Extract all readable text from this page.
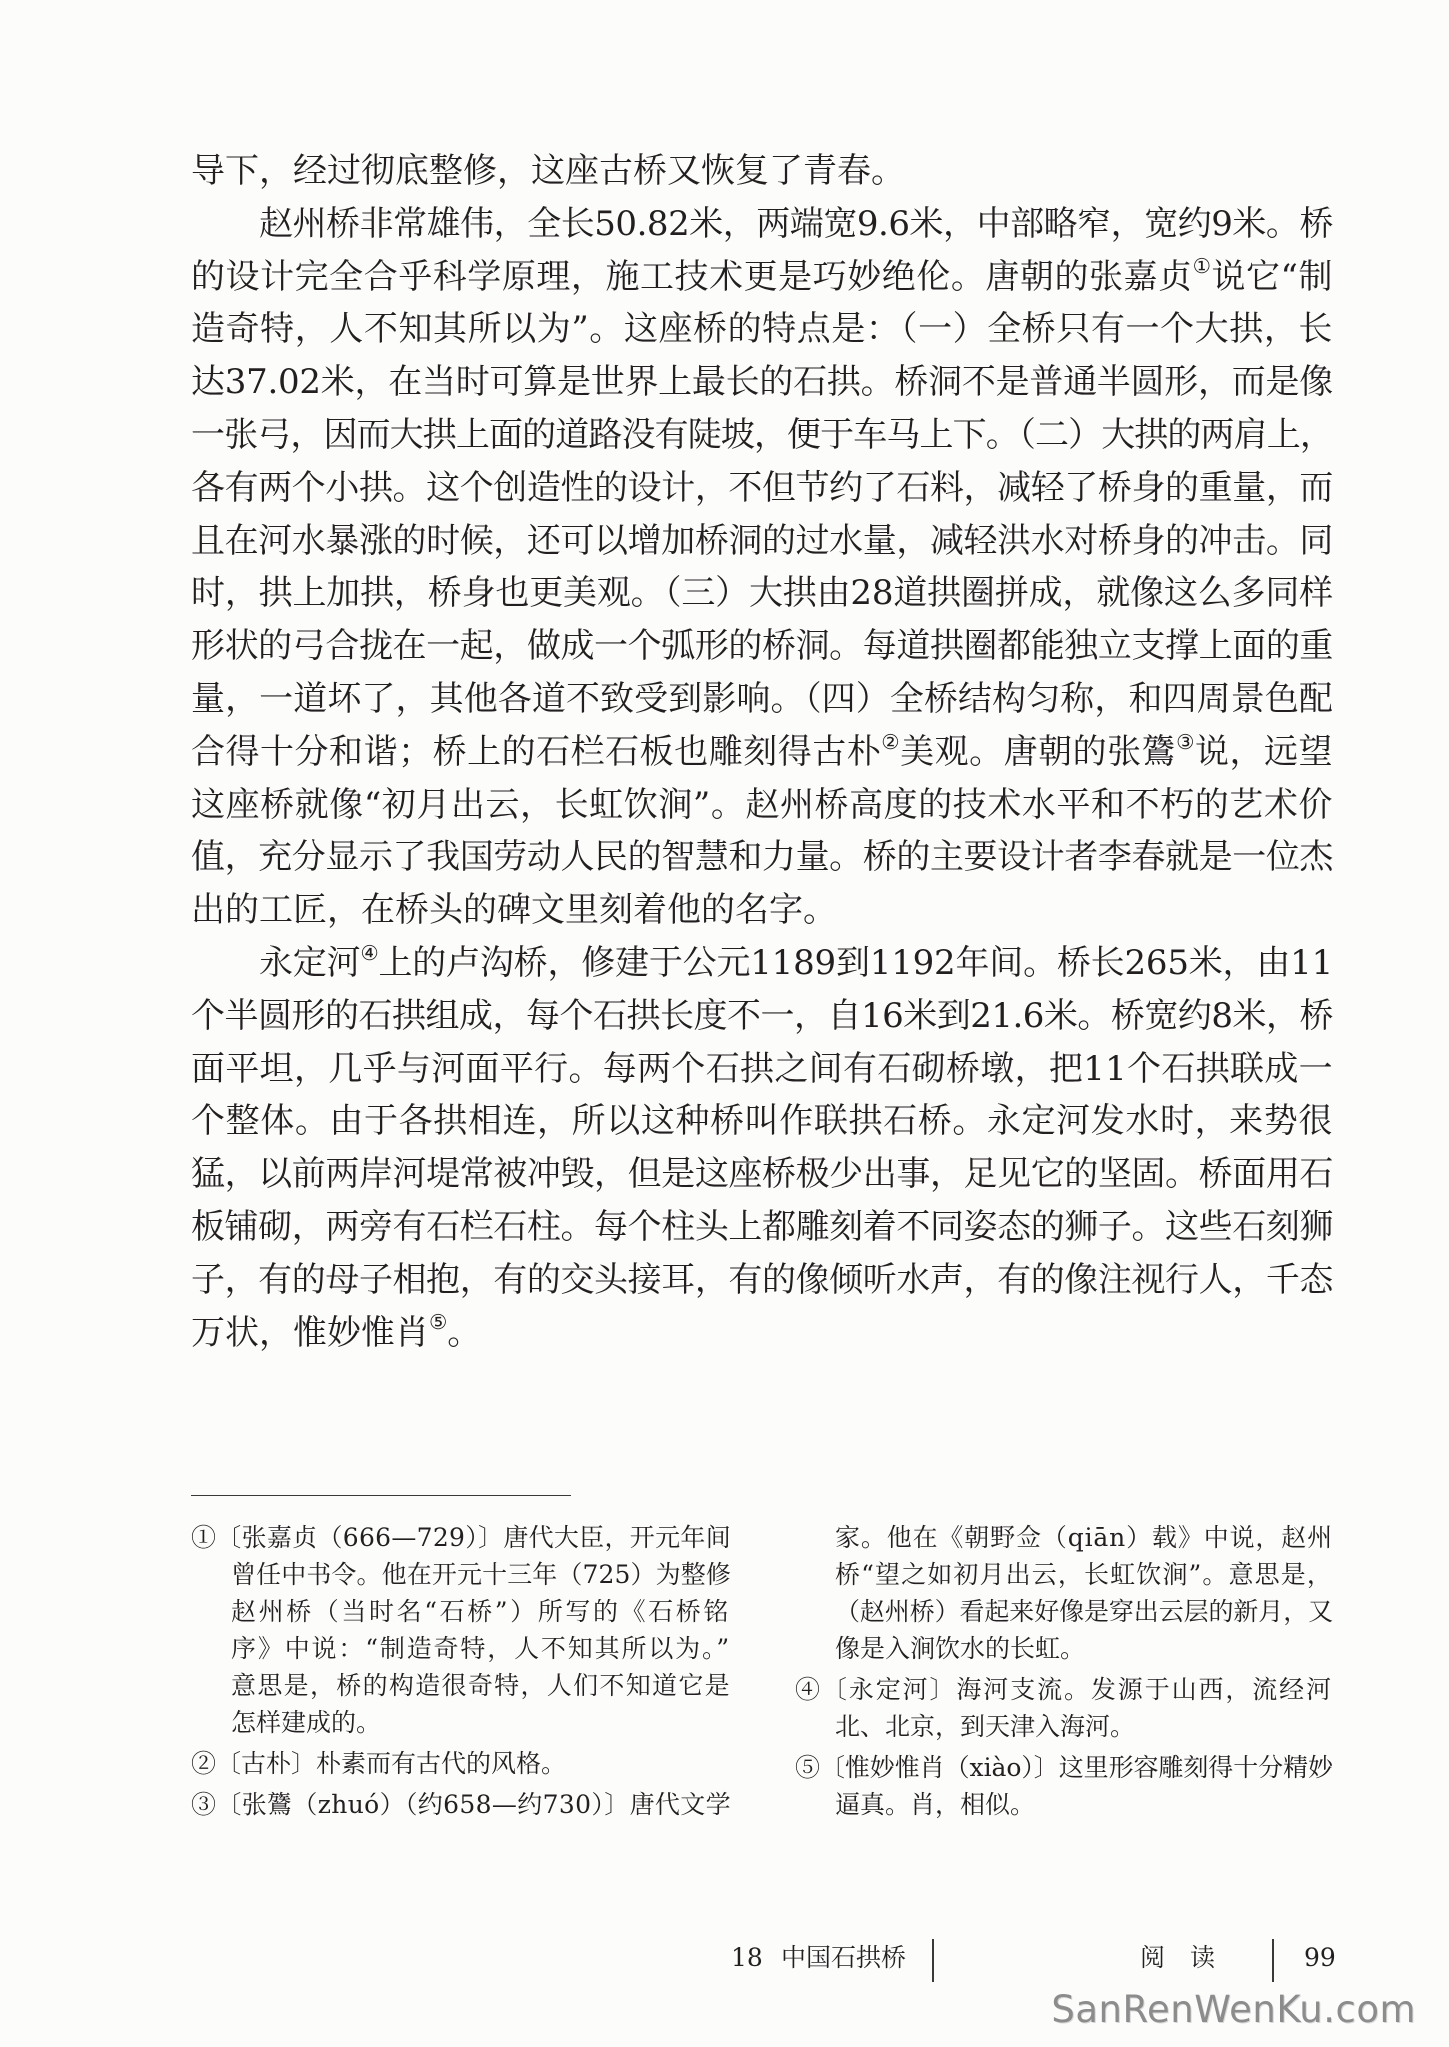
导下，经过彻底整修，这座古桥又恢复了青春。
赵州桥非常雄伟，全长50.82米，两端宽9.6米，中部略窄，宽约9米。桥
的设计完全合乎科学原理，施工技术更是巧妙绝伦。唐朝的张嘉贞①说它“制
造奇特，人不知其所以为”。这座桥的特点是：（一）全桥只有一个大拱，长
达37.02米，在当时可算是世界上最长的石拱。桥洞不是普通半圆形，而是像
一张弓，因而大拱上面的道路没有陡坡，便于车马上下。（二）大拱的两肩上，
各有两个小拱。这个创造性的设计，不但节约了石料，减轻了桥身的重量，而
且在河水暴涨的时候，还可以增加桥洞的过水量，减轻洪水对桥身的冲击。同
时，拱上加拱，桥身也更美观。（三）大拱由28道拱圈拼成，就像这么多同样
形状的弓合拢在一起，做成一个弧形的桥洞。每道拱圈都能独立支撑上面的重
量，一道坏了，其他各道不致受到影响。（四）全桥结构匀称，和四周景色配
合得十分和谐；桥上的石栏石板也雕刻得古朴②美观。唐朝的张鷟③说，远望
这座桥就像“初月出云，长虹饮涧”。赵州桥高度的技术水平和不朽的艺术价
值，充分显示了我国劳动人民的智慧和力量。桥的主要设计者李春就是一位杰
出的工匠，在桥头的碑文里刻着他的名字。
永定河④上的卢沟桥，修建于公元1189到1192年间。桥长265米，由11
个半圆形的石拱组成，每个石拱长度不一，自16米到21.6米。桥宽约8米，桥
面平坦，几乎与河面平行。每两个石拱之间有石砌桥墩，把11个石拱联成一
个整体。由于各拱相连，所以这种桥叫作联拱石桥。永定河发水时，来势很
猛，以前两岸河堤常被冲毁，但是这座桥极少出事，足见它的坚固。桥面用石
板铺砌，两旁有石栏石柱。每个柱头上都雕刻着不同姿态的狮子。这些石刻狮
子，有的母子相抱，有的交头接耳，有的像倾听水声，有的像注视行人，千态
万状，惟妙惟肖⑤。
①〔张嘉贞（666—729）〕唐代大臣，开元年间
曾任中书令。他在开元十三年（725）为整修
赵州桥（当时名“石桥”）所写的《石桥铭
序》中说：“制造奇特，人不知其所以为。”
意思是，桥的构造很奇特，人们不知道它是
怎样建成的。
②〔古朴〕朴素而有古代的风格。
③〔张鷟（zhuó）（约658—约730）〕唐代文学
家。他在《朝野佥（qiān）载》中说，赵州
桥“望之如初月出云，长虹饮涧”。意思是，
（赵州桥）看起来好像是穿出云层的新月，又
像是入涧饮水的长虹。
④〔永定河〕海河支流。发源于山西，流经河
北、北京，到天津入海河。
⑤〔惟妙惟肖（xiào）〕这里形容雕刻得十分精妙
逼真。肖，相似。
18 中国石拱桥	阅读	99
SanRenWenKu.com
